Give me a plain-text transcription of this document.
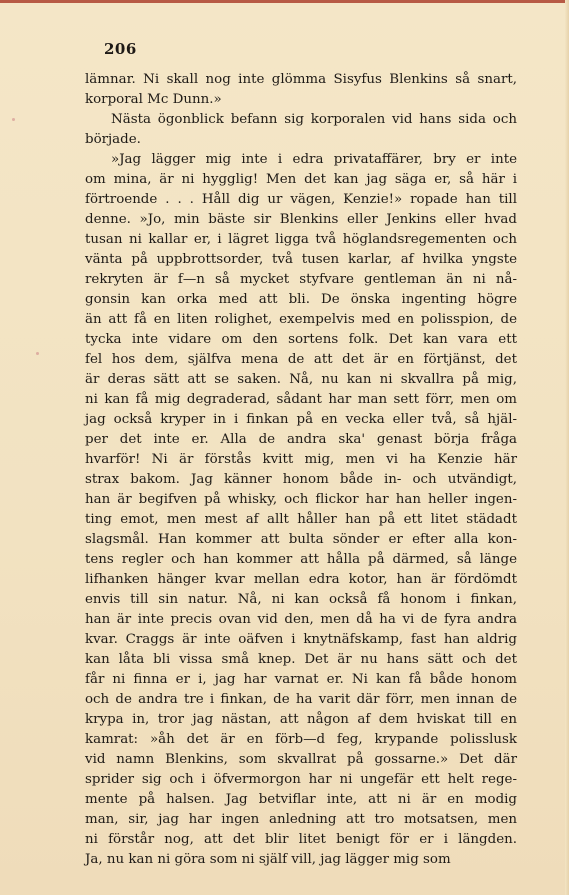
206
lämnar. Ni skall nog inte glömma Sisyfus Blenkins så snart,
korporal Mc Dunn.»
Nästa ögonblick befann sig korporalen vid hans sida och
började.
»Jag lägger mig inte i edra privataffärer, bry er inte
om mina, är ni hygglig! Men det kan jag säga er, så här i
förtroende . . . Håll dig ur vägen, Kenzie!» ropade han till
denne. »Jo, min bäste sir Blenkins eller Jenkins eller hvad
tusan ni kallar er, i lägret ligga två höglandsregementen och
vänta på uppbrottsorder, två tusen karlar, af hvilka yngste
rekryten är f—n så mycket styfvare gentleman än ni nå-
gonsin kan orka med att bli. De önska ingenting högre
än att få en liten rolighet, exempelvis med en polisspion, de
tycka inte vidare om den sortens folk. Det kan vara ett
fel hos dem, själfva mena de att det är en förtjänst, det
är deras sätt att se saken. Nå, nu kan ni skvallra på mig,
ni kan få mig degraderad, sådant har man sett förr, men om
jag också kryper in i finkan på en vecka eller två, så hjäl-
per det inte er. Alla de andra ska' genast börja fråga
hvarför! Ni är förstås kvitt mig, men vi ha Kenzie här
strax bakom. Jag känner honom både in- och utvändigt,
han är begifven på whisky, och flickor har han heller ingen-
ting emot, men mest af allt håller han på ett litet städadt
slagsmål. Han kommer att bulta sönder er efter alla kon-
tens regler och han kommer att hålla på därmed, så länge
lifhanken hänger kvar mellan edra kotor, han är fördömdt
envis till sin natur. Nå, ni kan också få honom i finkan,
han är inte precis ovan vid den, men då ha vi de fyra andra
kvar. Craggs är inte oäfven i knytnäfskamp, fast han aldrig
kan låta bli vissa små knep. Det är nu hans sätt och det
får ni finna er i, jag har varnat er. Ni kan få både honom
och de andra tre i finkan, de ha varit där förr, men innan de
krypa in, tror jag nästan, att någon af dem hviskat till en
kamrat: »åh det är en förb—d feg, krypande polisslusk
vid namn Blenkins, som skvallrat på gossarne.» Det där
sprider sig och i öfvermorgon har ni ungefär ett helt rege-
mente på halsen. Jag betviflar inte, att ni är en modig
man, sir, jag har ingen anledning att tro motsatsen, men
ni förstår nog, att det blir litet benigt för er i längden.
Ja, nu kan ni göra som ni själf vill, jag lägger mig som
